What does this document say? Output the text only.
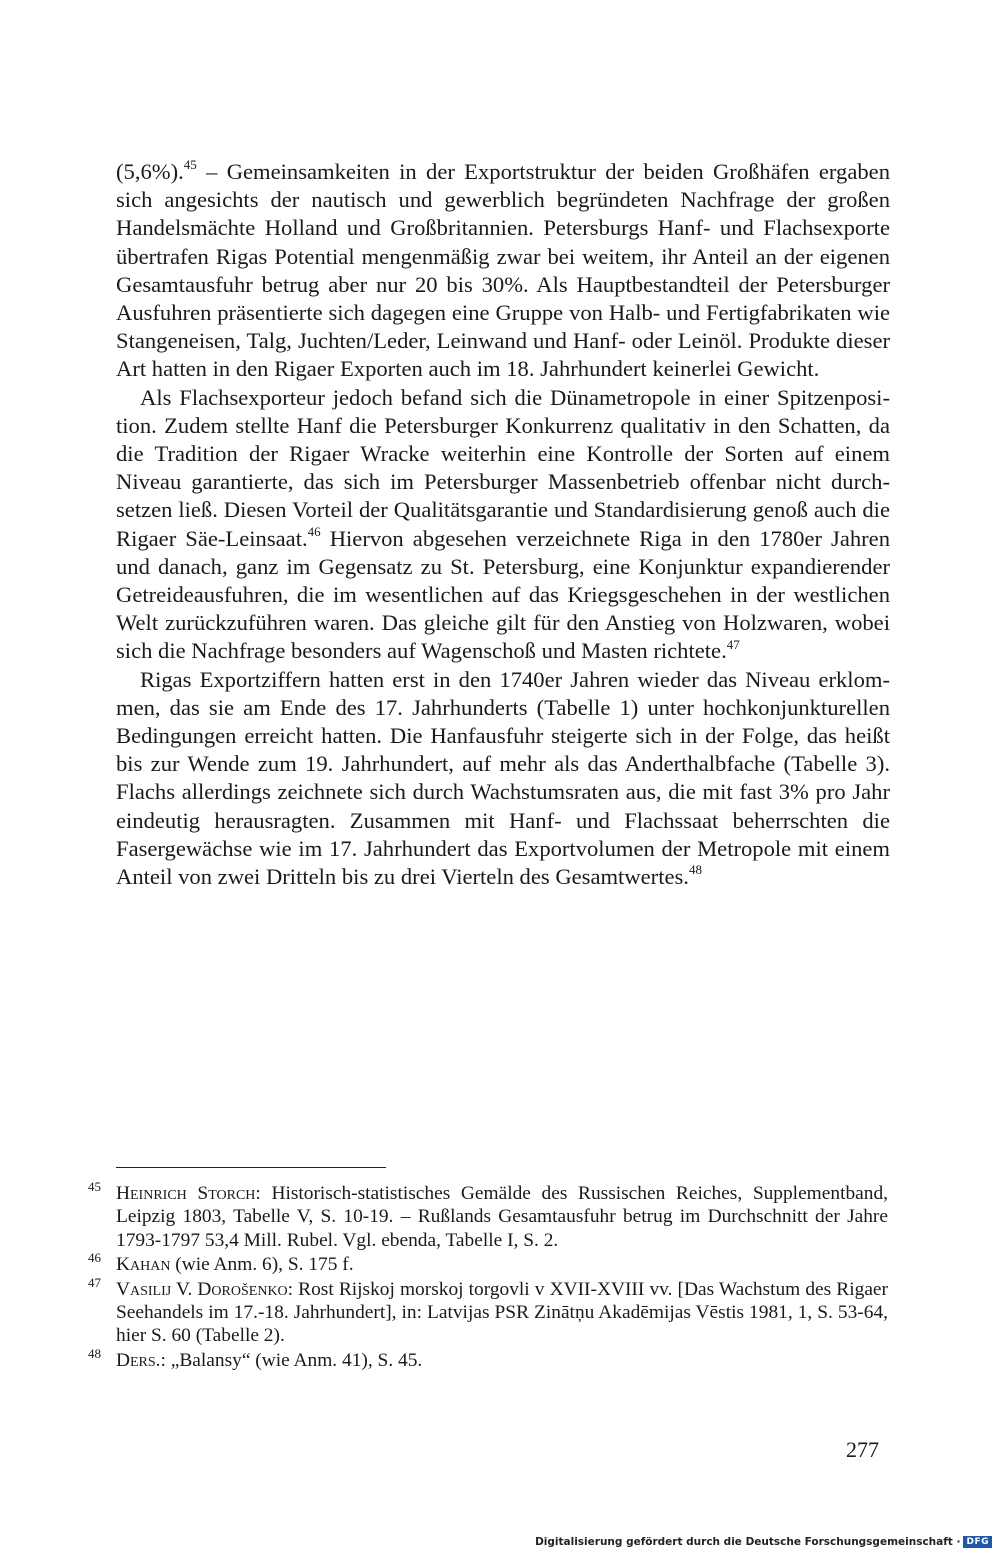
(5,6%).$^{45}$ – Gemeinsamkeiten in der Exportstruktur der beiden Großhäfen ergaben sich angesichts der nautisch und gewerblich begründeten Nachfrage der großen Handelsmächte Holland und Großbritannien. Petersburgs Hanf- und Flachsexporte übertrafen Rigas Potential mengenmäßig zwar bei weitem, ihr Anteil an der eigenen Gesamtausfuhr betrug aber nur 20 bis 30%. Als Hauptbestandteil der Petersburger Ausfuhren präsentierte sich dagegen eine Gruppe von Halb- und Fertigfabrikaten wie Stangeneisen, Talg, Juchten/Leder, Leinwand und Hanf- oder Leinöl. Produkte dieser Art hatten in den Rigaer Exporten auch im 18. Jahrhundert keinerlei Gewicht.

Als Flachsexporteur jedoch befand sich die Dünametropole in einer Spitzenposition. Zudem stellte Hanf die Petersburger Konkurrenz qualitativ in den Schatten, da die Tradition der Rigaer Wracke weiterhin eine Kontrolle der Sorten auf einem Niveau garantierte, das sich im Petersburger Massenbetrieb offenbar nicht durchsetzen ließ. Diesen Vorteil der Qualitätsgarantie und Standardisierung genoß auch die Rigaer Säe-Leinsaat.$^{46}$ Hiervon abgesehen verzeichnete Riga in den 1780er Jahren und danach, ganz im Gegensatz zu St. Petersburg, eine Konjunktur expandierender Getreideausfuhren, die im wesentlichen auf das Kriegsgeschehen in der westlichen Welt zurückzuführen waren. Das gleiche gilt für den Anstieg von Holzwaren, wobei sich die Nachfrage besonders auf Wagenschoß und Masten richtete.$^{47}$

Rigas Exportziffern hatten erst in den 1740er Jahren wieder das Niveau erklommen, das sie am Ende des 17. Jahrhunderts (Tabelle 1) unter hochkonjunkturellen Bedingungen erreicht hatten. Die Hanfausfuhr steigerte sich in der Folge, das heißt bis zur Wende zum 19. Jahrhundert, auf mehr als das Anderthalbfache (Tabelle 3). Flachs allerdings zeichnete sich durch Wachstumsraten aus, die mit fast 3% pro Jahr eindeutig herausragten. Zusammen mit Hanf- und Flachssaat beherrschten die Fasergewächse wie im 17. Jahrhundert das Exportvolumen der Metropole mit einem Anteil von zwei Dritteln bis zu drei Vierteln des Gesamtwertes.$^{48}$

45 Heinrich Storch: Historisch-statistisches Gemälde des Russischen Reiches, Supplementband, Leipzig 1803, Tabelle V, S. 10-19. – Rußlands Gesamtausfuhr betrug im Durchschnitt der Jahre 1793-1797 53,4 Mill. Rubel. Vgl. ebenda, Tabelle I, S. 2.
46 Kahan (wie Anm. 6), S. 175 f.
47 Vasilij V. Dorošenko: Rost Rijskoj morskoj torgovli v XVII-XVIII vv. [Das Wachstum des Rigaer Seehandels im 17.-18. Jahrhundert], in: Latvijas PSR Zinātņu Akadēmijas Vēstis 1981, 1, S. 53-64, hier S. 60 (Tabelle 2).
48 Ders.: „Balansy“ (wie Anm. 41), S. 45.
277
Digitalisierung gefördert durch die Deutsche Forschungsgemeinschaft · DFG
